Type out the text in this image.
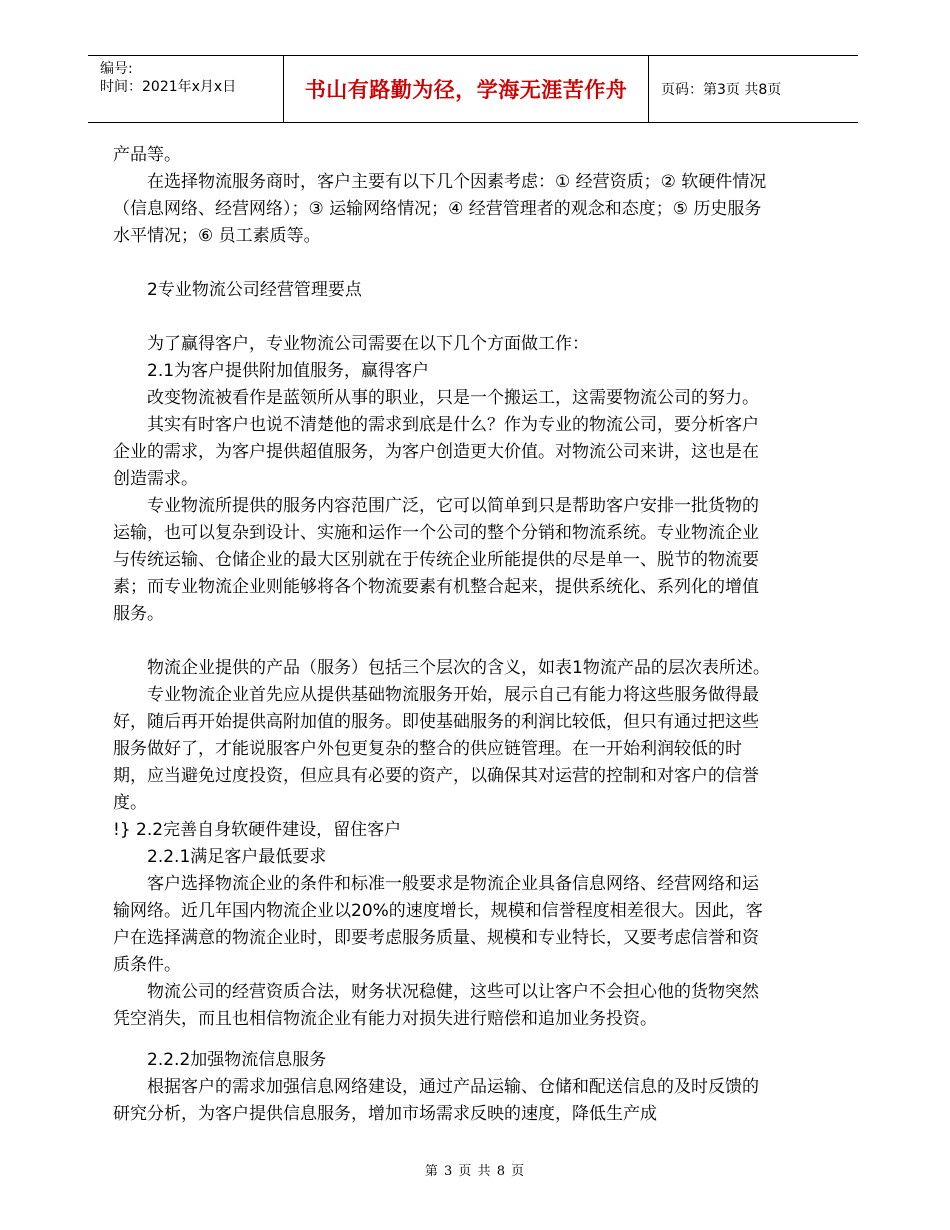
编号:
时间：2021年x月x日	书山有路勤为径，学海无涯苦作舟	页码：第3页 共8页

产品等。

在选择物流服务商时，客户主要有以下几个因素考虑：① 经营资质；② 软硬件情况（信息网络、经营网络）；③ 运输网络情况；④ 经营管理者的观念和态度；⑤ 历史服务水平情况；⑥ 员工素质等。

2专业物流公司经营管理要点

为了赢得客户，专业物流公司需要在以下几个方面做工作：

2.1为客户提供附加值服务，赢得客户

改变物流被看作是蓝领所从事的职业，只是一个搬运工，这需要物流公司的努力。

其实有时客户也说不清楚他的需求到底是什么？作为专业的物流公司，要分析客户企业的需求，为客户提供超值服务，为客户创造更大价值。对物流公司来讲，这也是在创造需求。

专业物流所提供的服务内容范围广泛，它可以简单到只是帮助客户安排一批货物的运输，也可以复杂到设计、实施和运作一个公司的整个分销和物流系统。专业物流企业与传统运输、仓储企业的最大区别就在于传统企业所能提供的尽是单一、脱节的物流要素；而专业物流企业则能够将各个物流要素有机整合起来，提供系统化、系列化的增值服务。

物流企业提供的产品（服务）包括三个层次的含义，如表1物流产品的层次表所述。

专业物流企业首先应从提供基础物流服务开始，展示自己有能力将这些服务做得最好，随后再开始提供高附加值的服务。即使基础服务的利润比较低，但只有通过把这些服务做好了，才能说服客户外包更复杂的整合的供应链管理。在一开始利润较低的时期，应当避免过度投资，但应具有必要的资产，以确保其对运营的控制和对客户的信誉度。

!} 2.2完善自身软硬件建设，留住客户

2.2.1满足客户最低要求

客户选择物流企业的条件和标准一般要求是物流企业具备信息网络、经营网络和运输网络。近几年国内物流企业以20%的速度增长，规模和信誉程度相差很大。因此，客户在选择满意的物流企业时，即要考虑服务质量、规模和专业特长，又要考虑信誉和资质条件。

物流公司的经营资质合法，财务状况稳健，这些可以让客户不会担心他的货物突然凭空消失，而且也相信物流企业有能力对损失进行赔偿和追加业务投资。

2.2.2加强物流信息服务

根据客户的需求加强信息网络建设，通过产品运输、仓储和配送信息的及时反馈的研究分析，为客户提供信息服务，增加市场需求反映的速度，降低生产成

第 3 页 共 8 页
